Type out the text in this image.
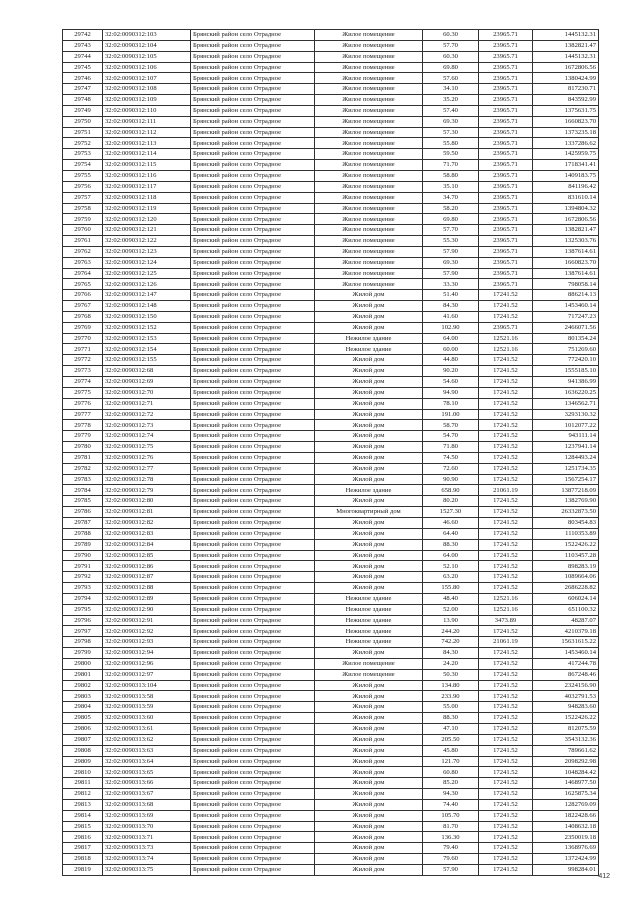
29742	32:02:0090312:103	Брянский район село Отрадное	Жилое помещение	60.30	23965.71	1445132.31
29743	32:02:0090312:104	Брянский район село Отрадное	Жилое помещение	57.70	23965.71	1382821.47
29744	32:02:0090312:105	Брянский район село Отрадное	Жилое помещение	60.30	23965.71	1445132.31
29745	32:02:0090312:106	Брянский район село Отрадное	Жилое помещение	69.80	23965.71	1672806.56
29746	32:02:0090312:107	Брянский район село Отрадное	Жилое помещение	57.60	23965.71	1380424.99
29747	32:02:0090312:108	Брянский район село Отрадное	Жилое помещение	34.10	23965.71	817230.71
29748	32:02:0090312:109	Брянский район село Отрадное	Жилое помещение	35.20	23965.71	843592.99
29749	32:02:0090312:110	Брянский район село Отрадное	Жилое помещение	57.40	23965.71	1375631.75
29750	32:02:0090312:111	Брянский район село Отрадное	Жилое помещение	69.30	23965.71	1660823.70
29751	32:02:0090312:112	Брянский район село Отрадное	Жилое помещение	57.30	23965.71	1373235.18
29752	32:02:0090312:113	Брянский район село Отрадное	Жилое помещение	55.80	23965.71	1337286.62
29753	32:02:0090312:114	Брянский район село Отрадное	Жилое помещение	59.50	23965.71	1425959.75
29754	32:02:0090312:115	Брянский район село Отрадное	Жилое помещение	71.70	23965.71	1718341.41
29755	32:02:0090312:116	Брянский район село Отрадное	Жилое помещение	58.80	23965.71	1409183.75
29756	32:02:0090312:117	Брянский район село Отрадное	Жилое помещение	35.10	23965.71	841196.42
29757	32:02:0090312:118	Брянский район село Отрадное	Жилое помещение	34.70	23965.71	831610.14
29758	32:02:0090312:119	Брянский район село Отрадное	Жилое помещение	58.20	23965.71	1394804.32
29759	32:02:0090312:120	Брянский район село Отрадное	Жилое помещение	69.80	23965.71	1672806.56
29760	32:02:0090312:121	Брянский район село Отрадное	Жилое помещение	57.70	23965.71	1382821.47
29761	32:02:0090312:122	Брянский район село Отрадное	Жилое помещение	55.30	23965.71	1325303.76
29762	32:02:0090312:123	Брянский район село Отрадное	Жилое помещение	57.90	23965.71	1387614.61
29763	32:02:0090312:124	Брянский район село Отрадное	Жилое помещение	69.30	23965.71	1660823.70
29764	32:02:0090312:125	Брянский район село Отрадное	Жилое помещение	57.90	23965.71	1387614.61
29765	32:02:0090312:126	Брянский район село Отрадное	Жилое помещение	33.30	23965.71	798058.14
29766	32:02:0090312:147	Брянский район село Отрадное	Жилой дом	51.40	17241.52	886214.13
29767	32:02:0090312:148	Брянский район село Отрадное	Жилой дом	84.30	17241.52	1453460.14
29768	32:02:0090312:150	Брянский район село Отрадное	Жилой дом	41.60	17241.52	717247.23
29769	32:02:0090312:152	Брянский район село Отрадное	Жилой дом	102.90	23965.71	2466071.56
29770	32:02:0090312:153	Брянский район село Отрадное	Нежилое здание	64.00	12521.16	801354.24
29771	32:02:0090312:154	Брянский район село Отрадное	Нежилое здание	60.00	12521.16	751269.60
29772	32:02:0090312:155	Брянский район село Отрадное	Жилой дом	44.80	17241.52	772420.10
29773	32:02:0090312:68	Брянский район село Отрадное	Жилой дом	90.20	17241.52	1555185.10
29774	32:02:0090312:69	Брянский район село Отрадное	Жилой дом	54.60	17241.52	941386.99
29775	32:02:0090312:70	Брянский район село Отрадное	Жилой дом	94.90	17241.52	1636220.25
29776	32:02:0090312:71	Брянский район село Отрадное	Жилой дом	78.10	17241.52	1346562.71
29777	32:02:0090312:72	Брянский район село Отрадное	Жилой дом	191.00	17241.52	3293130.32
29778	32:02:0090312:73	Брянский район село Отрадное	Жилой дом	58.70	17241.52	1012077.22
29779	32:02:0090312:74	Брянский район село Отрадное	Жилой дом	54.70	17241.52	943111.14
29780	32:02:0090312:75	Брянский район село Отрадное	Жилой дом	71.80	17241.52	1237941.14
29781	32:02:0090312:76	Брянский район село Отрадное	Жилой дом	74.50	17241.52	1284493.24
29782	32:02:0090312:77	Брянский район село Отрадное	Жилой дом	72.60	17241.52	1251734.35
29783	32:02:0090312:78	Брянский район село Отрадное	Жилой дом	90.90	17241.52	1567254.17
29784	32:02:0090312:79	Брянский район село Отрадное	Нежилое здание	658.90	21061.19	13877218.09
29785	32:02:0090312:80	Брянский район село Отрадное	Жилой дом	80.20	17241.52	1382769.90
29786	32:02:0090312:81	Брянский район село Отрадное	Многоквартирный дом	1527.30	17241.52	26332873.50
29787	32:02:0090312:82	Брянский район село Отрадное	Жилой дом	46.60	17241.52	803454.83
29788	32:02:0090312:83	Брянский район село Отрадное	Жилой дом	64.40	17241.52	1110353.89
29789	32:02:0090312:84	Брянский район село Отрадное	Жилой дом	88.30	17241.52	1522426.22
29790	32:02:0090312:85	Брянский район село Отрадное	Жилой дом	64.00	17241.52	1103457.28
29791	32:02:0090312:86	Брянский район село Отрадное	Жилой дом	52.10	17241.52	898283.19
29792	32:02:0090312:87	Брянский район село Отрадное	Жилой дом	63.20	17241.52	1089664.06
29793	32:02:0090312:88	Брянский район село Отрадное	Жилой дом	155.80	17241.52	2686228.82
29794	32:02:0090312:89	Брянский район село Отрадное	Нежилое здание	48.40	12521.16	606024.14
29795	32:02:0090312:90	Брянский район село Отрадное	Нежилое здание	52.00	12521.16	651100.32
29796	32:02:0090312:91	Брянский район село Отрадное	Нежилое здание	13.90	3473.89	48287.07
29797	32:02:0090312:92	Брянский район село Отрадное	Нежилое здание	244.20	17241.52	4210379.18
29798	32:02:0090312:93	Брянский район село Отрадное	Нежилое здание	742.20	21061.19	15631615.22
29799	32:02:0090312:94	Брянский район село Отрадное	Жилой дом	84.30	17241.52	1453460.14
29800	32:02:0090312:96	Брянский район село Отрадное	Жилое помещение	24.20	17241.52	417244.78
29801	32:02:0090312:97	Брянский район село Отрадное	Жилое помещение	50.30	17241.52	867248.46
29802	32:02:0090313:104	Брянский район село Отрадное	Жилой дом	134.80	17241.52	2324156.90
29803	32:02:0090313:58	Брянский район село Отрадное	Жилой дом	233.90	17241.52	4032791.53
29804	32:02:0090313:59	Брянский район село Отрадное	Жилой дом	55.00	17241.52	948283.60
29805	32:02:0090313:60	Брянский район село Отрадное	Жилой дом	88.30	17241.52	1522426.22
29806	32:02:0090313:61	Брянский район село Отрадное	Жилой дом	47.10	17241.52	812075.59
29807	32:02:0090313:62	Брянский район село Отрадное	Жилой дом	205.50	17241.52	3543132.36
29808	32:02:0090313:63	Брянский район село Отрадное	Жилой дом	45.80	17241.52	789661.62
29809	32:02:0090313:64	Брянский район село Отрадное	Жилой дом	121.70	17241.52	2098292.98
29810	32:02:0090313:65	Брянский район село Отрадное	Жилой дом	60.80	17241.52	1048284.42
29811	32:02:0090313:66	Брянский район село Отрадное	Жилой дом	85.20	17241.52	1468977.50
29812	32:02:0090313:67	Брянский район село Отрадное	Жилой дом	94.30	17241.52	1625875.34
29813	32:02:0090313:68	Брянский район село Отрадное	Жилой дом	74.40	17241.52	1282769.09
29814	32:02:0090313:69	Брянский район село Отрадное	Жилой дом	105.70	17241.52	1822428.66
29815	32:02:0090313:70	Брянский район село Отрадное	Жилой дом	81.70	17241.52	1408632.18
29816	32:02:0090313:71	Брянский район село Отрадное	Жилой дом	136.30	17241.52	2350019.18
29817	32:02:0090313:73	Брянский район село Отрадное	Жилой дом	79.40	17241.52	1368976.69
29818	32:02:0090313:74	Брянский район село Отрадное	Жилой дом	79.60	17241.52	1372424.99
29819	32:02:0090313:75	Брянский район село Отрадное	Жилой дом	57.90	17241.52	998284.01
412
